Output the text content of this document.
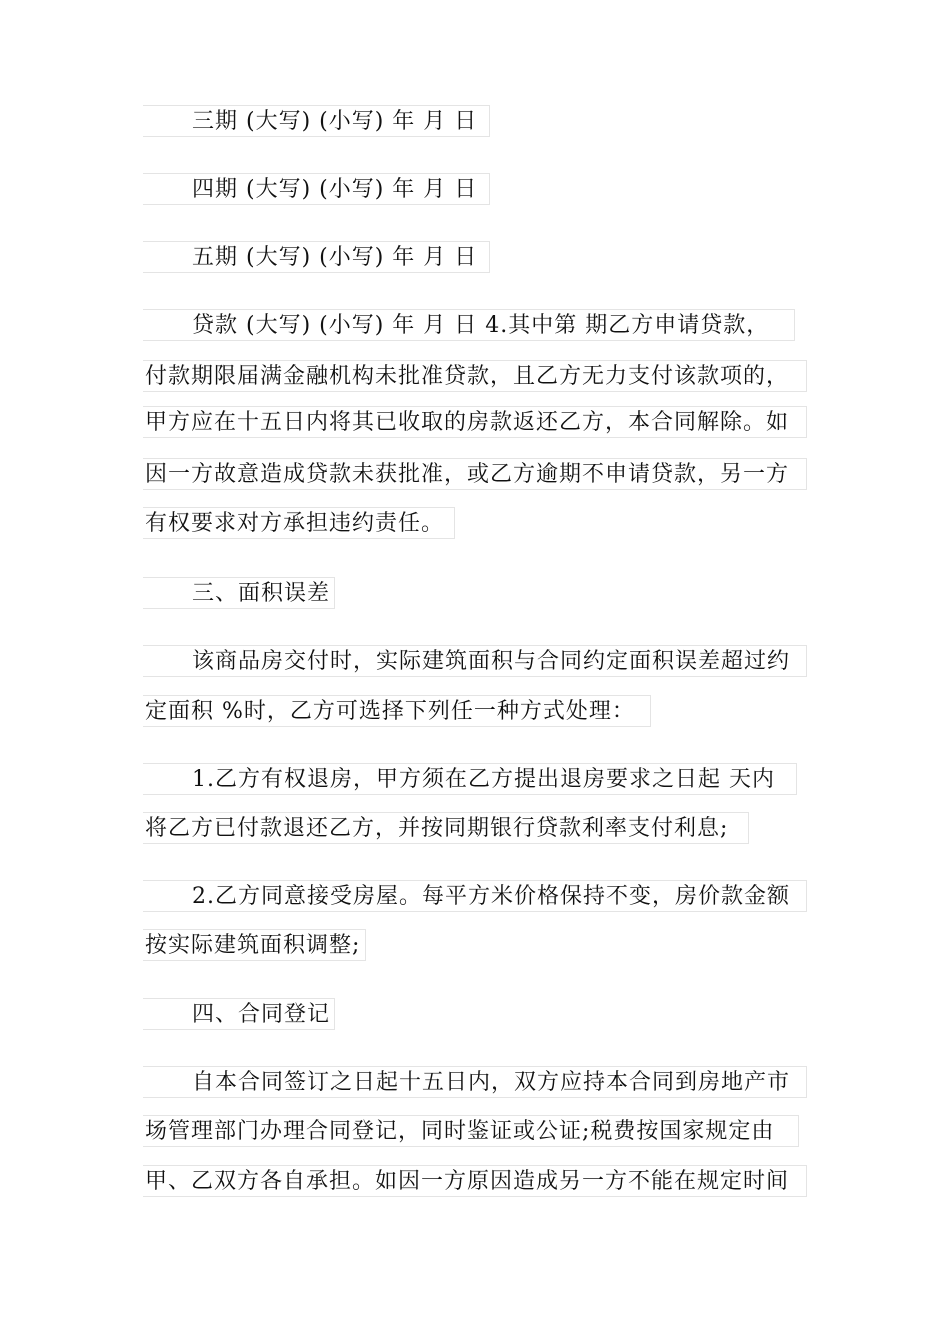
三期 (大写) (小写) 年 月 日
四期 (大写) (小写) 年 月 日
五期 (大写) (小写) 年 月 日
贷款 (大写) (小写) 年 月 日 4.其中第 期乙方申请贷款，
付款期限届满金融机构未批准贷款，且乙方无力支付该款项的，
甲方应在十五日内将其已收取的房款返还乙方，本合同解除。如
因一方故意造成贷款未获批准，或乙方逾期不申请贷款，另一方
有权要求对方承担违约责任。
三、面积误差
该商品房交付时，实际建筑面积与合同约定面积误差超过约
定面积 %时，乙方可选择下列任一种方式处理：
1.乙方有权退房，甲方须在乙方提出退房要求之日起 天内
将乙方已付款退还乙方，并按同期银行贷款利率支付利息;
2.乙方同意接受房屋。每平方米价格保持不变，房价款金额
按实际建筑面积调整;
四、合同登记
自本合同签订之日起十五日内，双方应持本合同到房地产市
场管理部门办理合同登记，同时鉴证或公证;税费按国家规定由
甲、乙双方各自承担。如因一方原因造成另一方不能在规定时间
